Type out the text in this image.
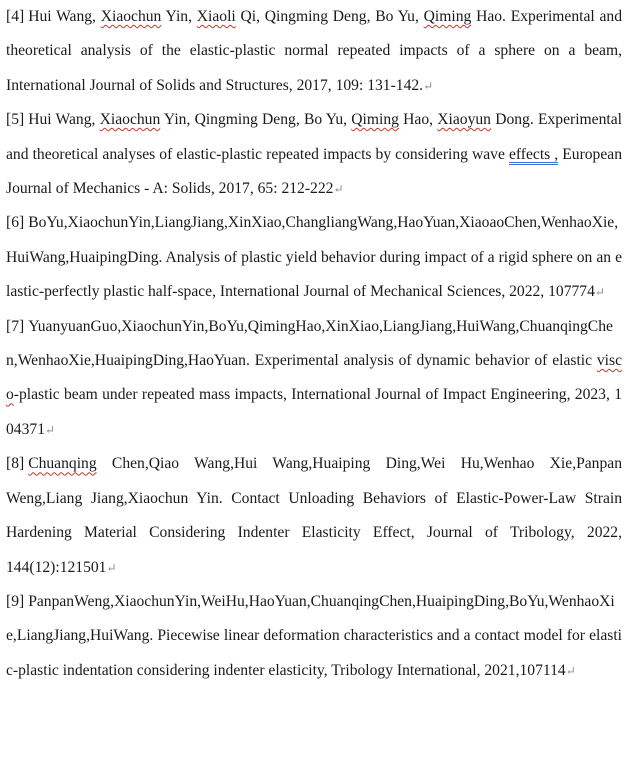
[4] Hui Wang, Xiaochun Yin, Xiaoli Qi, Qingming Deng, Bo Yu, Qiming Hao. Experimental and theoretical analysis of the elastic-plastic normal repeated impacts of a sphere on a beam, International Journal of Solids and Structures, 2017, 109: 131-142.↵

[5] Hui Wang, Xiaochun Yin, Qingming Deng, Bo Yu, Qiming Hao, Xiaoyun Dong. Experimental and theoretical analyses of elastic-plastic repeated impacts by considering wave effects , European Journal of Mechanics - A: Solids, 2017, 65: 212-222↵

[6] BoYu,XiaochunYin,LiangJiang,XinXiao,ChangliangWang,HaoYuan,XiaoaoChen,WenhaoXie,HuiWang,HuaipingDing. Analysis of plastic yield behavior during impact of a rigid sphere on an elastic-perfectly plastic half-space, International Journal of Mechanical Sciences, 2022, 107774↵

[7] YuanyuanGuo,XiaochunYin,BoYu,QimingHao,XinXiao,LiangJiang,HuiWang,ChuanqingChen,WenhaoXie,HuaipingDing,HaoYuan. Experimental analysis of dynamic behavior of elastic visco-plastic beam under repeated mass impacts, International Journal of Impact Engineering, 2023, 104371↵

[8] Chuanqing Chen,Qiao Wang,Hui Wang,Huaiping Ding,Wei Hu,Wenhao Xie,Panpan Weng,Liang Jiang,Xiaochun Yin. Contact Unloading Behaviors of Elastic-Power-Law Strain Hardening Material Considering Indenter Elasticity Effect, Journal of Tribology, 2022, 144(12):121501↵

[9] PanpanWeng,XiaochunYin,WeiHu,HaoYuan,ChuanqingChen,HuaipingDing,BoYu,WenhaoXie,LiangJiang,HuiWang. Piecewise linear deformation characteristics and a contact model for elastic-plastic indentation considering indenter elasticity, Tribology International, 2021,107114↵
